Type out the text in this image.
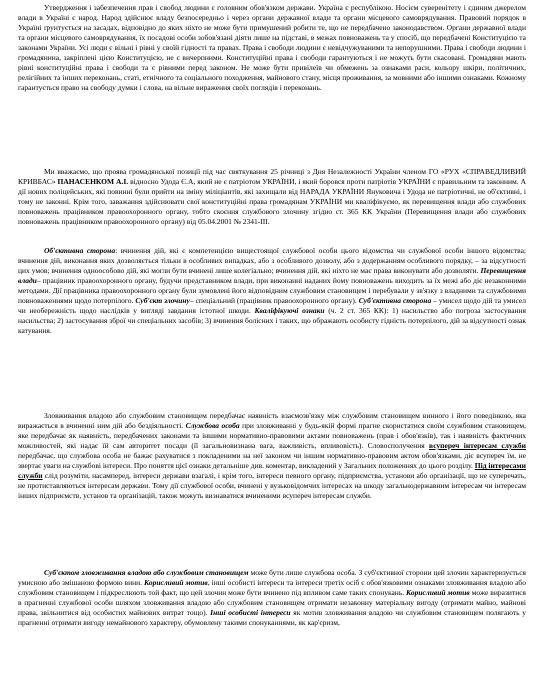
Утвердження і забезпечення прав і свобод людини є головним обов'язком держави. Україна є республікою. Носієм суверенітету і єдиним джерелом влади в Україні є народ. Народ здійснює владу безпосередньо і через органи державної влади та органи місцевого самоврядування. Правовий порядок в Україні ґрунтується на засадах, відповідно до яких ніхто не може бути примушений робити те, що не передбачено законодавством. Органи державної влади та органи місцевого самоврядування, їх посадові особи зобов'язані діяти лише на підставі, в межах повноважень та у спосіб, що передбачені Конституцією та законами України. Усі люди є вільні і рівні у своїй гідності та правах. Права і свободи людини є невідчужуваними та непорушними. Права і свободи людини і громадянина, закріплені цією Конституцією, не є вичерпними. Конституційні права і свободи гарантуються і не можуть бути скасовані. Громадяни мають рівні конституційні права і свободи та є рівними перед законом. Не може бути привілеїв чи обмежень за ознаками раси, кольору шкіри, політичних, релігійних та інших переконань, статі, етнічного та соціального походження, майнового стану, місця проживання, за мовними або іншими ознаками. Кожному гарантується право на свободу думки і слова, на вільне вираження своїх поглядів і переконань.

Ми вважаємо, що проява громадянської позиції під час святкування 25 річниці з Дня Незалежності України членом ГО «РУХ «СПРАВЕДЛИВИЙ КРИВБАС» ПАНАСЕНКОМ А.І. відносно Удода Є.А, який не є патріотом УКРАЇНИ, і який боровся проти патріотів УКРАЇНИ є правильним та законним. А дії нових поліцейських, які повинні були прийти на зміну міліціантів, які захищали від НАРАДА УКРАЇНИ Януковича і Удода не патріотичні, не об'єктивні, і тому не законні. Крім того, заважання здійснювати свої конституційні права громадянам УКРАЇНИ ми кваліфікуємо, як перевищення влади або службових повноважень працівником правоохоронного органу, тобто скоєння службового злочину згідно ст. 365 КК України (Перевищення влади або службових повноважень працівником правоохоронного органу) від 05.04.2001 № 2341-III.

Об'єктивна сторона: вчинення дій, які є компетенцією вищестоящої службової особи цього відомства чи службової особи іншого відомства; вчинення дій, виконання яких дозволяється тільки в особливих випадках, або з особливого дозволу, або з додержанням особливого порядку, – за відсутності цих умов; вчинення одноособово дій, які могли бути вчинені лише колегіально; вчинення дій, які ніхто не має права виконувати або дозволяти. Перевищення влади– працівник правоохоронного органу, будучи представником влади, при виконанні наданих йому повноважень виходить за їх межі або діє незаконними методами. Дії працівника правоохоронного органу були зумовлені його відповідним службовим становищем і перебували у зв'язку з владними та службовими повноваженнями щодо потерпілого. Суб'єкт злочину– спеціальний (працівник правоохоронного органу). Суб'єктивна сторона – умисел щодо дій та умисел чи необережність щодо наслідків у вигляді завдання істотної шкоди. Кваліфікуючі ознаки (ч. 2 ст. 365 КК): 1) насильство або погроза застосування насильства; 2) застосування зброї чи спеціальних засобів; 3) вчинення болісних і таких, що ображають особисту гідність потерпілого, дій за відсутності ознак катування.

Зловживання владою або службовим становищем передбачає наявність взаємозв'язку між службовим становищем винного і його поведінкою, яка виражається в вчиненні ним дій або бездіяльності. Службова особа при зловживанні у будь-якій формі прагне скористатися своїм службовим становищем, яке передбачає як наявність, передбачених законами та іншими нормативно-правовими актами повноважень (прав і обов'язків), так і наявність фактичних можливостей, які надає їй сам авторитет посади (її загальновизнана вага, важливість, впливовість). Словосполучення всупереч інтересам служби передбачає, що службова особа не бажає рахуватися з покладеними на неї законом чи іншим нормативно-правовим актом обов'язками, діє всупереч їм, не звертає уваги на службові інтереси. Про поняття цієї ознаки детальніше див. коментар, викладений у Загальних положеннях до цього розділу. Під інтересами служби слід розуміти, насамперед, інтереси держави взагалі, і крім того, інтереси певного органу, підприємства, установи або організації, що не суперечать, не протиставляються інтересам держави. Тому дії службової особи, вчинені у вузьковідомчих інтересах на шкоду загальнодержавним інтересам чи інтересам інших підприємств, установ та організацій, також можуть визнаватися вчиненими всупереч інтересам служби.

Суб'єктом зловживання владою або службовим становищем може бути лише службова особа. З суб'єктивної сторони цей злочин характеризується умисною або змішаною формою вини. Корисливий мотив, інші особисті інтереси та інтереси третіх осіб є обов'язковими ознаками зловживання владою або службовим становищем і підкреслюють той факт, що цей злочин може бути вчинено під впливом саме таких спонукань. Корисливий мотив може виразитися в прагненні службової особи шляхом зловживання владою або службовим становищем отримати незаконну матеріальну вигоду (отримати майно, майнові права, звільнитися від особистих майнових витрат тощо). Інші особисті інтереси як мотив зловживання владою чи службовим становищем полягають у прагненні отримати вигоду немайнового характеру, обумовлену такими спонуканнями, як кар'єризм,
